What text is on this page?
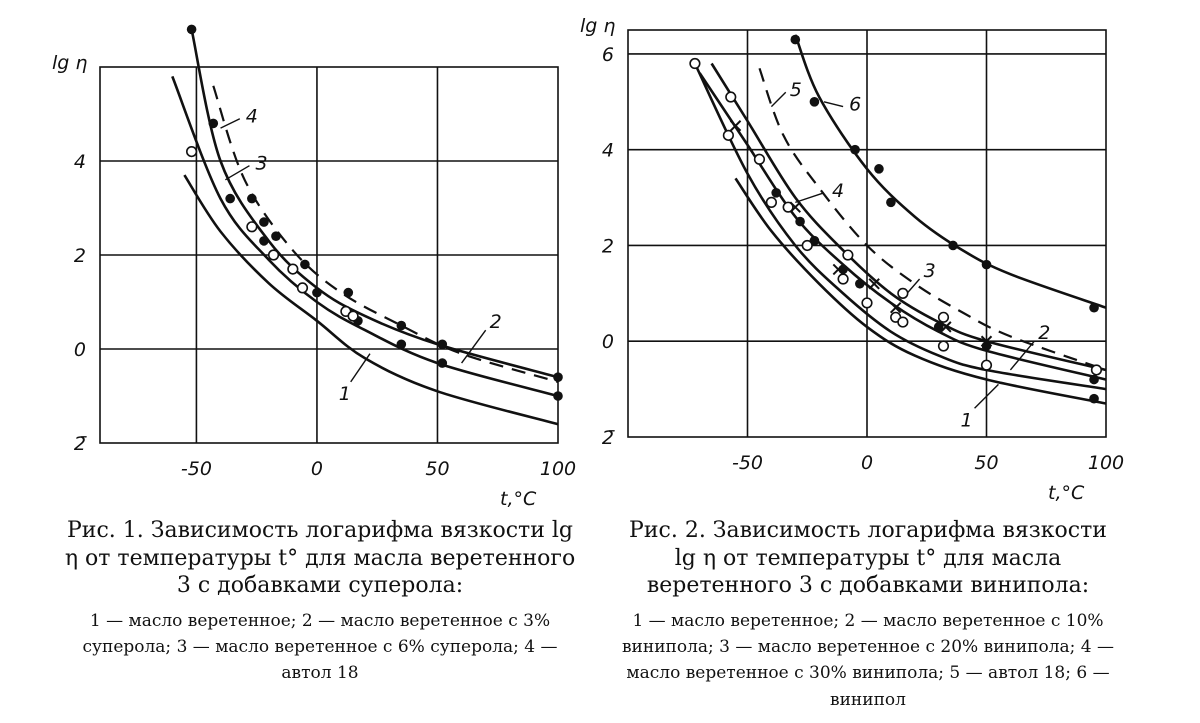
-50	0	50	100
2̄
0
2
4
lg η
t,°C
1
2
3
4
-50	0	50	100
2̄
0
2
4
6
lg η
t,°C
1
2
3
4
5
6
Рис. 1. Зависимость логарифма вязкости lg η от температуры t° для масла веретенного 3 с добавками суперола:
1 — масло веретенное; 2 — масло веретенное с 3% суперола; 3 — масло веретенное с 6% суперола; 4 — автол 18
Рис. 2. Зависимость логарифма вязкости lg η от температуры t° для масла веретенного 3 с добавками винипола:
1 — масло веретенное; 2 — масло веретенное с 10% винипола; 3 — масло веретенное с 20% винипола; 4 — масло веретенное с 30% винипола; 5 — автол 18; 6 — винипол
